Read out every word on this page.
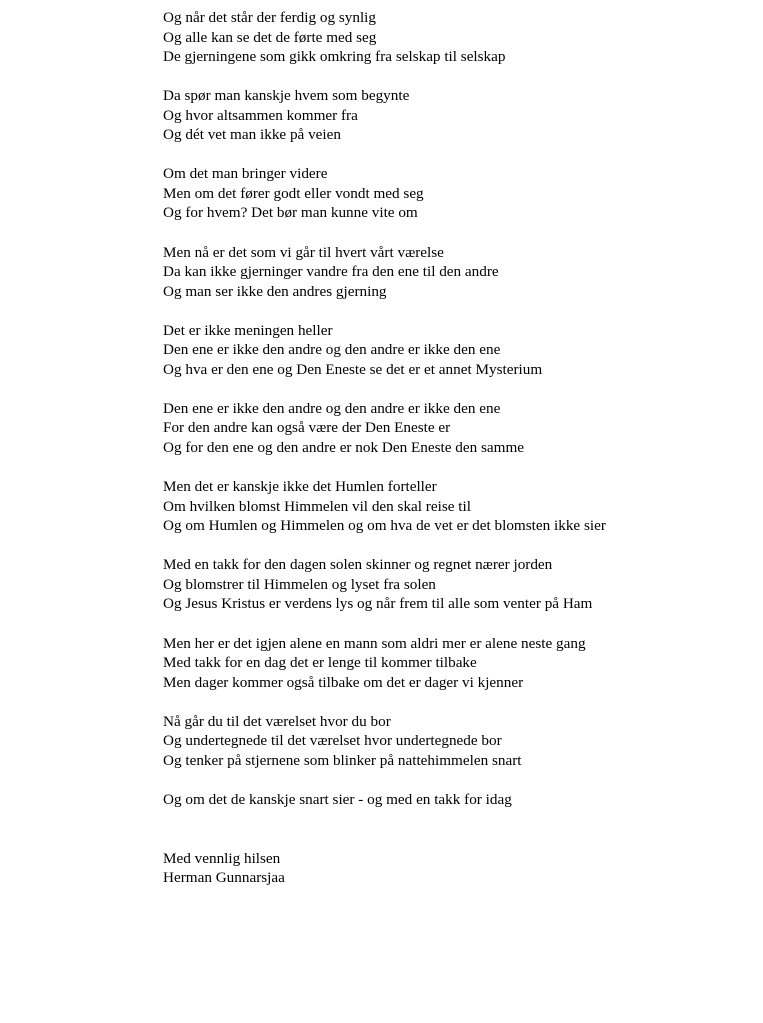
Og når det står der ferdig og synlig
Og alle kan se det de førte med seg
De gjerningene som gikk omkring fra selskap til selskap
Da spør man kanskje hvem som begynte
Og hvor altsammen kommer fra
Og dét vet man ikke på veien
Om det man bringer videre
Men om det fører godt eller vondt med seg
Og for hvem? Det bør man kunne vite om
Men nå er det som vi går til hvert vårt værelse
Da kan ikke gjerninger vandre fra den ene til den andre
Og man ser ikke den andres gjerning
Det er ikke meningen heller
Den ene er ikke den andre og den andre er ikke den ene
Og hva er den ene og Den Eneste se det er et annet Mysterium
Den ene er ikke den andre og den andre er ikke den ene
For den andre kan også være der Den Eneste er
Og for den ene og den andre er nok Den Eneste den samme
Men det er kanskje ikke det Humlen forteller
Om hvilken blomst Himmelen vil den skal reise til
Og om Humlen og Himmelen og om hva de vet er det blomsten ikke sier
Med en takk for den dagen solen skinner og regnet nærer jorden
Og blomstrer til Himmelen og lyset fra solen
Og Jesus Kristus er verdens lys og når frem til alle som venter på Ham
Men her er det igjen alene en mann som aldri mer er alene neste gang
Med takk for en dag det er lenge til kommer tilbake
Men dager kommer også tilbake om det er dager vi kjenner
Nå går du til det værelset hvor du bor
Og undertegnede til det værelset hvor undertegnede bor
Og tenker på stjernene som blinker på nattehimmelen snart
Og om det de kanskje snart sier - og med en takk for idag
Med vennlig hilsen
Herman Gunnarsjaa
